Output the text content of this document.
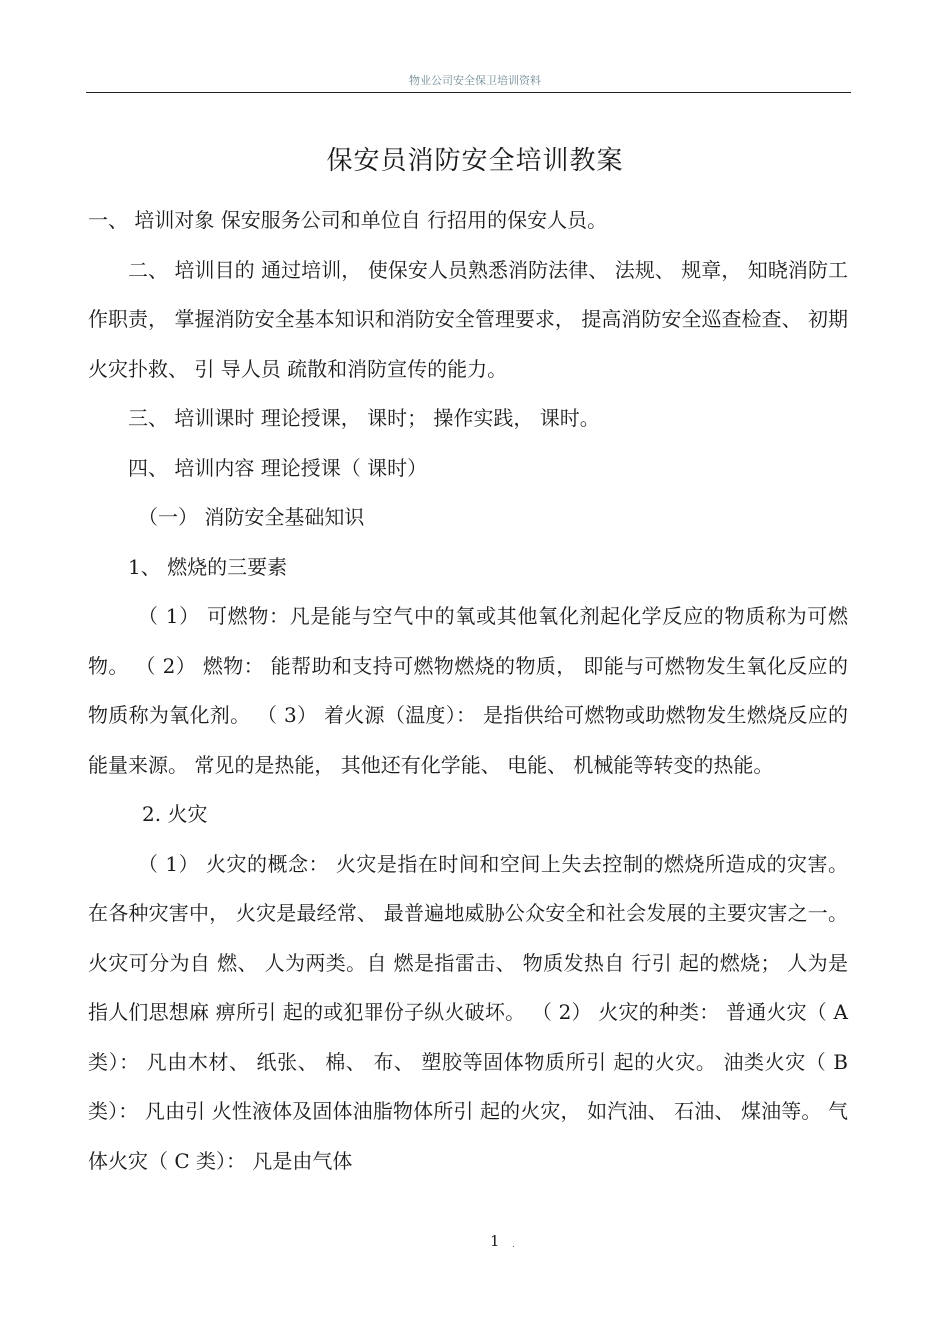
物业公司安全保卫培训资料
保安员消防安全培训教案

一、 培训对象 保安服务公司和单位自 行招用的保安人员。

二、 培训目的 通过培训， 使保安人员熟悉消防法律、 法规、 规章， 知晓消防工作职责， 掌握消防安全基本知识和消防安全管理要求， 提高消防安全巡查检查、 初期火灾扑救、 引 导人员 疏散和消防宣传的能力。

三、 培训课时 理论授课， 课时； 操作实践， 课时。

四、 培训内容 理论授课（ 课时）

（一） 消防安全基础知识

1、 燃烧的三要素

（ 1） 可燃物：凡是能与空气中的氧或其他氧化剂起化学反应的物质称为可燃物。 （ 2） 燃物： 能帮助和支持可燃物燃烧的物质， 即能与可燃物发生氧化反应的物质称为氧化剂。 （ 3） 着火源（温度）： 是指供给可燃物或助燃物发生燃烧反应的能量来源。 常见的是热能， 其他还有化学能、 电能、 机械能等转变的热能。

2. 火灾

（ 1） 火灾的概念： 火灾是指在时间和空间上失去控制的燃烧所造成的灾害。 在各种灾害中， 火灾是最经常、 最普遍地威胁公众安全和社会发展的主要灾害之一。 火灾可分为自 燃、 人为两类。自 燃是指雷击、 物质发热自 行引 起的燃烧； 人为是指人们思想麻 痹所引 起的或犯罪份子纵火破坏。 （ 2） 火灾的种类： 普通火灾（ A 类）： 凡由木材、 纸张、 棉、 布、 塑胶等固体物质所引 起的火灾。 油类火灾（ B 类）： 凡由引 火性液体及固体油脂物体所引 起的火灾， 如汽油、 石油、 煤油等。 气体火灾（ C 类）： 凡是由气体

1 .
